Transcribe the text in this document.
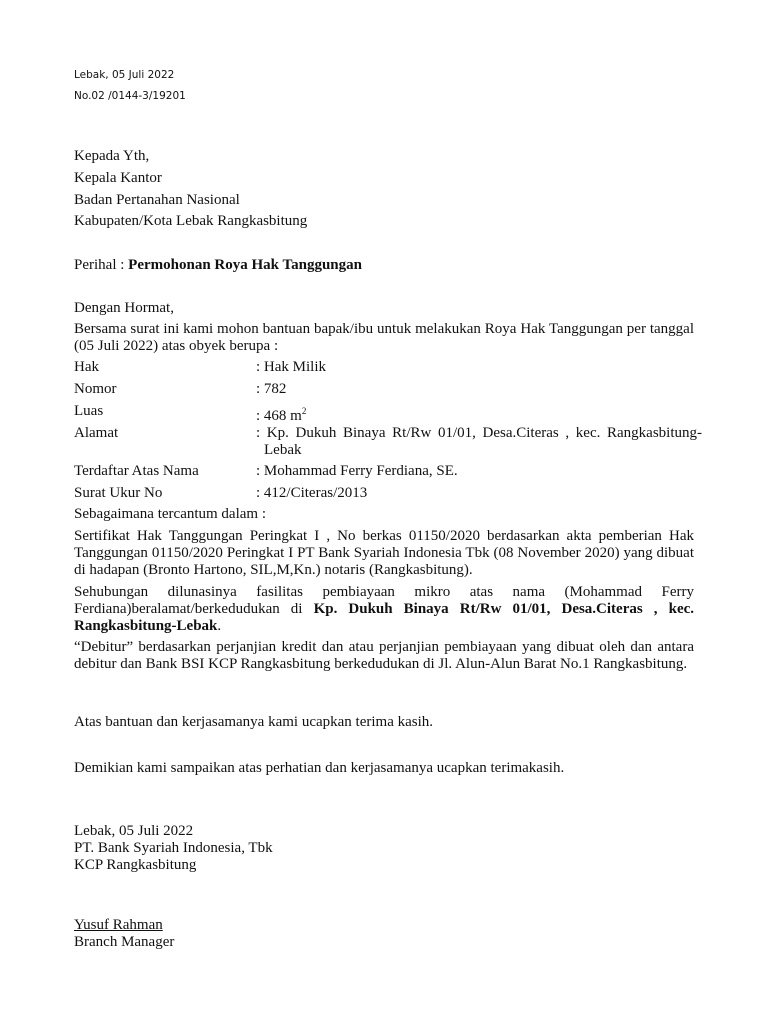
Lebak, 05 Juli 2022
No.02 /0144-3/19201
Kepada Yth,
Kepala Kantor
Badan Pertanahan Nasional
Kabupaten/Kota Lebak Rangkasbitung
Perihal : Permohonan Roya Hak Tanggungan
Dengan Hormat,
Bersama surat ini kami mohon bantuan bapak/ibu untuk melakukan Roya Hak Tanggungan per tanggal (05 Juli 2022) atas obyek berupa :
Hak	: Hak Milik
Nomor	: 782
Luas	: 468 $m^2$
Alamat	: Kp. Dukuh Binaya Rt/Rw 01/01, Desa.Citeras , kec. Rangkasbitung-Lebak
Terdaftar Atas Nama	: Mohammad Ferry Ferdiana, SE.
Surat Ukur No	: 412/Citeras/2013
Sebagaimana tercantum dalam :
Sertifikat Hak Tanggungan Peringkat I , No berkas 01150/2020 berdasarkan akta pemberian Hak Tanggungan 01150/2020 Peringkat I PT Bank Syariah Indonesia Tbk (08 November 2020) yang dibuat di hadapan (Bronto Hartono, SIL,M,Kn.) notaris (Rangkasbitung).
Sehubungan dilunasinya fasilitas pembiayaan mikro atas nama (Mohammad Ferry Ferdiana)beralamat/berkedudukan di Kp. Dukuh Binaya Rt/Rw 01/01, Desa.Citeras , kec. Rangkasbitung-Lebak.
“Debitur” berdasarkan perjanjian kredit dan atau perjanjian pembiayaan yang dibuat oleh dan antara debitur dan Bank BSI KCP Rangkasbitung berkedudukan di Jl. Alun-Alun Barat No.1 Rangkasbitung.
Atas bantuan dan kerjasamanya kami ucapkan terima kasih.
Demikian kami sampaikan atas perhatian dan kerjasamanya ucapkan terimakasih.
Lebak, 05 Juli 2022
PT. Bank Syariah Indonesia, Tbk
KCP Rangkasbitung
Yusuf Rahman
Branch Manager
